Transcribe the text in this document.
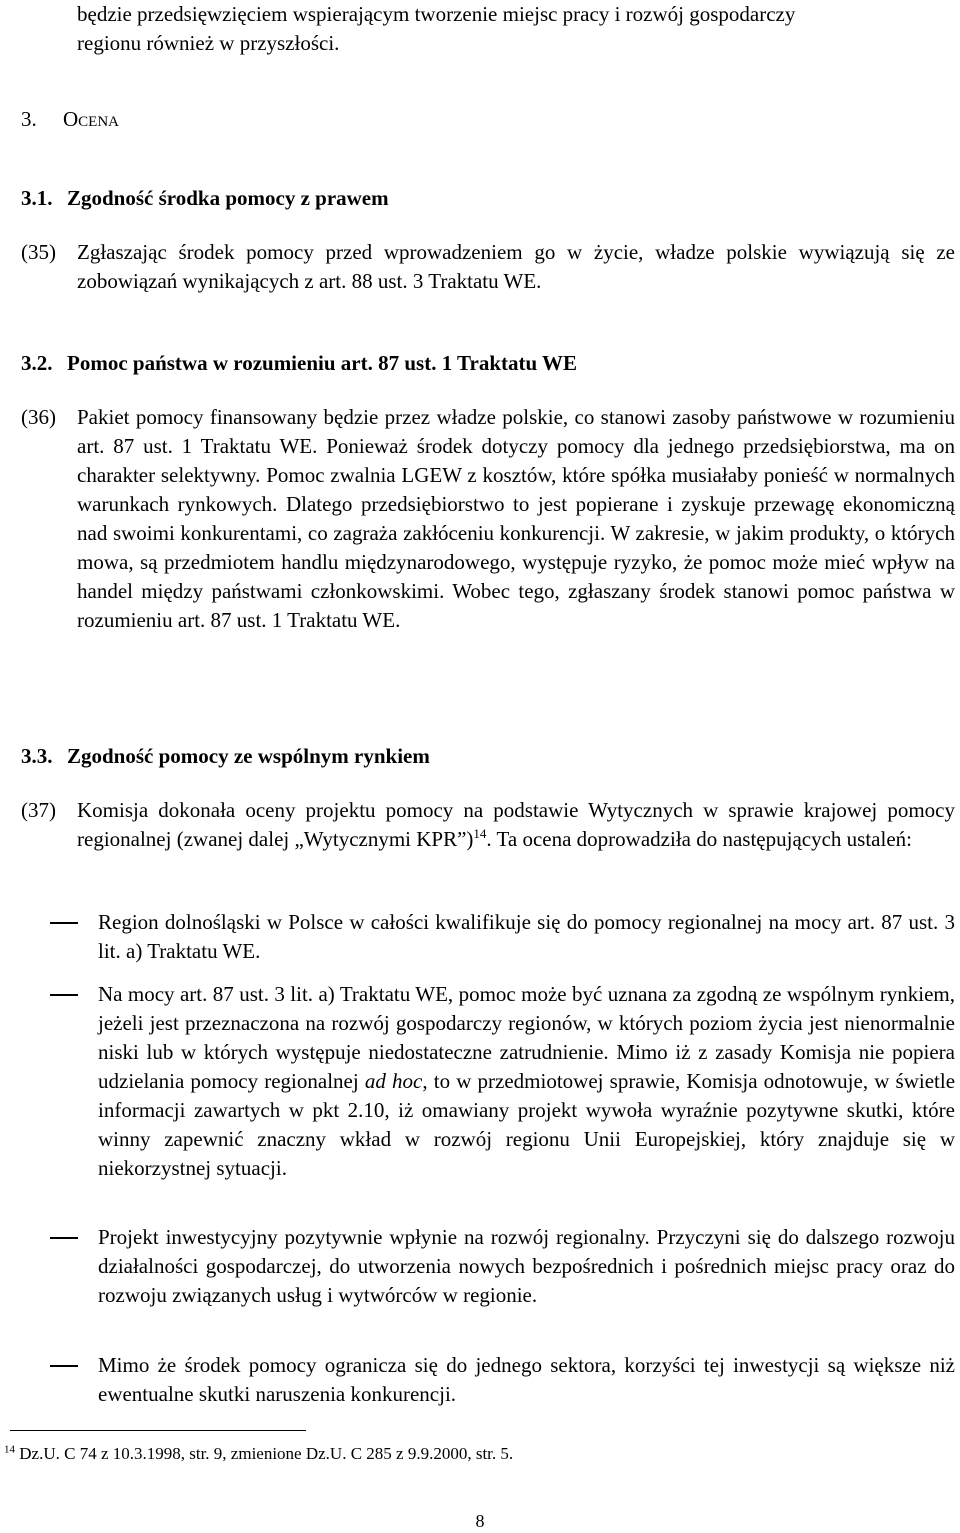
będzie przedsięwzięciem wspierającym tworzenie miejsc pracy i rozwój gospodarczy
regionu również w przyszłości.
3. Ocena
3.1. Zgodność środka pomocy z prawem
(35) Zgłaszając środek pomocy przed wprowadzeniem go w życie, władze polskie wywiązują się ze zobowiązań wynikających z art. 88 ust. 3 Traktatu WE.
3.2. Pomoc państwa w rozumieniu art. 87 ust. 1 Traktatu WE
(36) Pakiet pomocy finansowany będzie przez władze polskie, co stanowi zasoby państwowe w rozumieniu art. 87 ust. 1 Traktatu WE. Ponieważ środek dotyczy pomocy dla jednego przedsiębiorstwa, ma on charakter selektywny. Pomoc zwalnia LGEW z kosztów, które spółka musiałaby ponieść w normalnych warunkach rynkowych. Dlatego przedsiębiorstwo to jest popierane i zyskuje przewagę ekonomiczną nad swoimi konkurentami, co zagraża zakłóceniu konkurencji. W zakresie, w jakim produkty, o których mowa, są przedmiotem handlu międzynarodowego, występuje ryzyko, że pomoc może mieć wpływ na handel między państwami członkowskimi. Wobec tego, zgłaszany środek stanowi pomoc państwa w rozumieniu art. 87 ust. 1 Traktatu WE.
3.3. Zgodność pomocy ze wspólnym rynkiem
(37) Komisja dokonała oceny projektu pomocy na podstawie Wytycznych w sprawie krajowej pomocy regionalnej (zwanej dalej „Wytycznymi KPR”)$^{14}$. Ta ocena doprowadziła do następujących ustaleń:
Region dolnośląski w Polsce w całości kwalifikuje się do pomocy regionalnej na mocy art. 87 ust. 3 lit. a) Traktatu WE.
Na mocy art. 87 ust. 3 lit. a) Traktatu WE, pomoc może być uznana za zgodną ze wspólnym rynkiem, jeżeli jest przeznaczona na rozwój gospodarczy regionów, w których poziom życia jest nienormalnie niski lub w których występuje niedostateczne zatrudnienie. Mimo iż z zasady Komisja nie popiera udzielania pomocy regionalnej ad hoc, to w przedmiotowej sprawie, Komisja odnotowuje, w świetle informacji zawartych w pkt 2.10, iż omawiany projekt wywoła wyraźnie pozytywne skutki, które winny zapewnić znaczny wkład w rozwój regionu Unii Europejskiej, który znajduje się w niekorzystnej sytuacji.
Projekt inwestycyjny pozytywnie wpłynie na rozwój regionalny. Przyczyni się do dalszego rozwoju działalności gospodarczej, do utworzenia nowych bezpośrednich i pośrednich miejsc pracy oraz do rozwoju związanych usług i wytwórców w regionie.
Mimo że środek pomocy ogranicza się do jednego sektora, korzyści tej inwestycji są większe niż ewentualne skutki naruszenia konkurencji.
$^{14}$ Dz.U. C 74 z 10.3.1998, str. 9, zmienione Dz.U. C 285 z 9.9.2000, str. 5.
8
